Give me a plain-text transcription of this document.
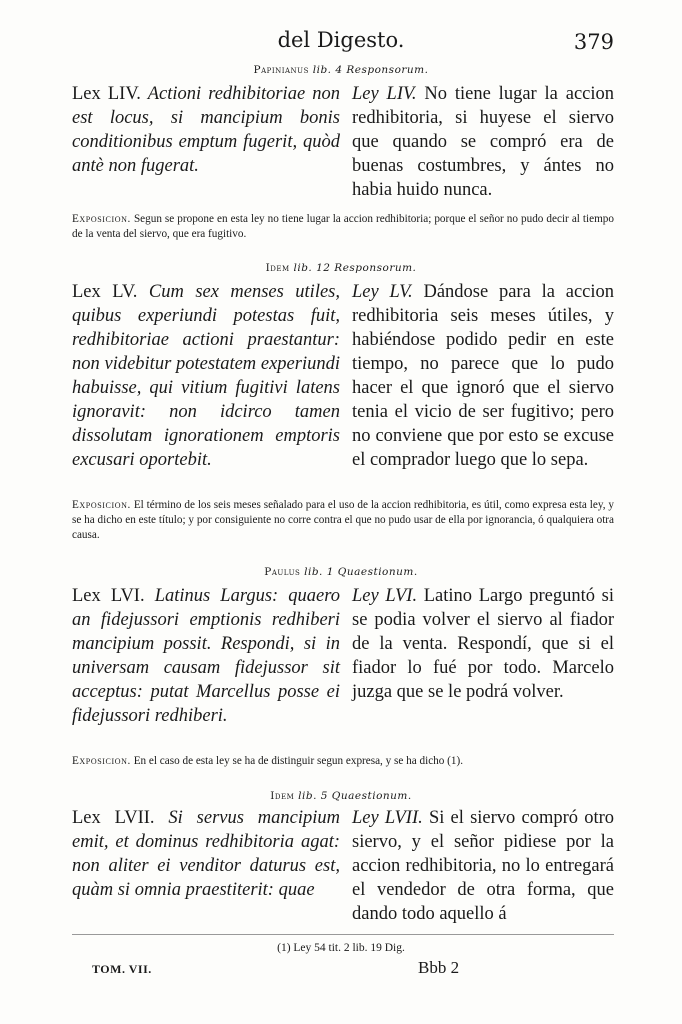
del Digesto.	379
Papinianus lib. 4 Responsorum.
Lex LIV. Actioni redhibitoriae non est locus, si mancipium bonis conditionibus emptum fugerit, quòd antè non fugerat.
Ley LIV. No tiene lugar la accion redhibitoria, si huyese el siervo que quando se compró era de buenas costumbres, y ántes no habia huido nunca.
Exposicion. Segun se propone en esta ley no tiene lugar la accion redhibitoria; porque el señor no pudo decir al tiempo de la venta del siervo, que era fugitivo.
Idem lib. 12 Responsorum.
Lex LV. Cum sex menses utiles, quibus experiundi potestas fuit, redhibitoriae actioni praestantur: non videbitur potestatem experiundi habuisse, qui vitium fugitivi latens ignoravit: non idcirco tamen dissolutam ignorationem emptoris excusari oportebit.
Ley LV. Dándose para la accion redhibitoria seis meses útiles, y habiéndose podido pedir en este tiempo, no parece que lo pudo hacer el que ignoró que el siervo tenia el vicio de ser fugitivo; pero no conviene que por esto se excuse el comprador luego que lo sepa.
Exposicion. El término de los seis meses señalado para el uso de la accion redhibitoria, es útil, como expresa esta ley, y se ha dicho en este título; y por consiguiente no corre contra el que no pudo usar de ella por ignorancia, ó qualquiera otra causa.
Paulus lib. 1 Quaestionum.
Lex LVI. Latinus Largus: quaero an fidejussori emptionis redhiberi mancipium possit. Respondi, si in universam causam fidejussor sit acceptus: putat Marcellus posse ei fidejussori redhiberi.
Ley LVI. Latino Largo preguntó si se podia volver el siervo al fiador de la venta. Respondí, que si el fiador lo fué por todo. Marcelo juzga que se le podrá volver.
Exposicion. En el caso de esta ley se ha de distinguir segun expresa, y se ha dicho (1).
Idem lib. 5 Quaestionum.
Lex LVII. Si servus mancipium emit, et dominus redhibitoria agat: non aliter ei venditor daturus est, quàm si omnia praestiterit: quae
Ley LVII. Si el siervo compró otro siervo, y el señor pidiese por la accion redhibitoria, no lo entregará el vendedor de otra forma, que dando todo aquello á
(1) Ley 54 tit. 2 lib. 19 Dig.
TOM. VII.	Bbb 2
